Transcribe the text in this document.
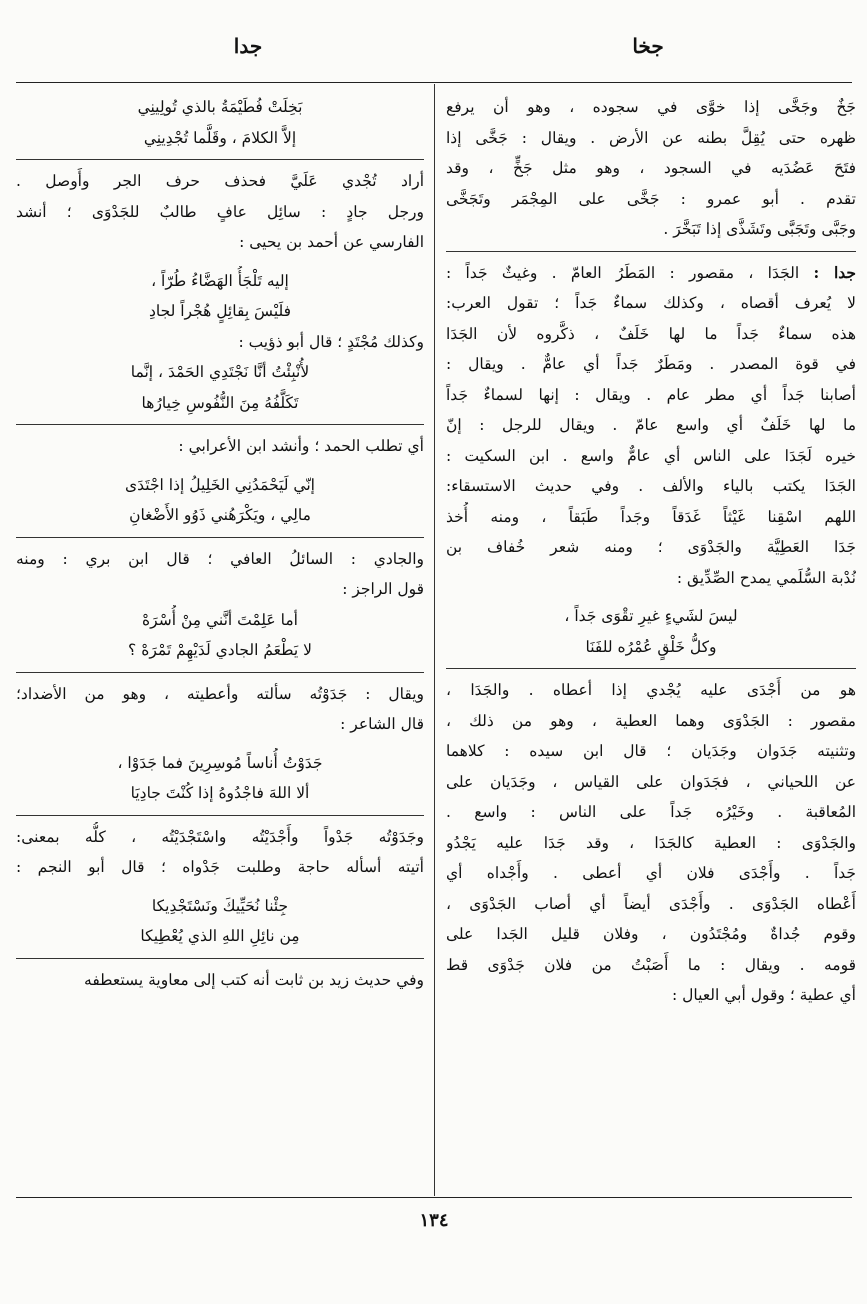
جخا
جدا
جَخٌ وجَخَّى إذا خوَّى في سجوده ، وهو أن يرفع
ظهره حتى يُقِلَّ بطنه عن الأرض . ويقال : جَخَّى إذا
فتَحَ عَضُدَيه في السجود ، وهو مثل جَخٍّ ، وقد
تقدم . أبو عمرو : جَخَّى على المِجْمَر وتَجَخَّى
وجَبَّى وتَجَبَّى وتَشَذَّى إذا تَبَخَّرَ .
جدا : الجَدَا ، مقصور : المَطَرُ العامّ . وغيثٌ جَداً :
لا يُعرف أقصاه ، وكذلك سماءٌ جَداً ؛ تقول العرب:
هذه سماءٌ جَداً ما لها خَلَفٌ ، ذكَّروه لأن الجَدَا
في قوة المصدر . ومَطَرٌ جَداً أي عامٌّ . ويقال :
أصابنا جَداً أي مطر عام . ويقال : إنها لسماءٌ جَداً
ما لها خَلَفٌ أي واسع عامّ . ويقال للرجل : إنّ
خيره لَجَدَا على الناس أي عامٌّ واسع . ابن السكيت :
الجَدَا يكتب بالياء والألف . وفي حديث الاستسقاء:
اللهم اسْقِنا غَيْثاً غَدَقاً وجَداً طَبَقاً ، ومنه أُخذ
جَدَا العَطِيَّة والجَدْوَى ؛ ومنه شعر خُفاف بن
نُدْبة السُّلَمي يمدح الصِّدِّيق :
ليسَ لشَيءٍ غيرِ تقْوَى جَداً ،
وكلُّ خَلْقٍ عُمْرُه للفَنَا
هو من أَجْدَى عليه يُجْدي إذا أعطاه . والجَدَا ،
مقصور : الجَدْوَى وهما العطية ، وهو من ذلك ،
وتثنيته جَدَوان وجَدَيان ؛ قال ابن سيده : كلاهما
عن اللحياني ، فجَدَوان على القياس ، وجَدَيان على
المُعاقبة . وخَيْرُه جَداً على الناس : واسع .
والجَدْوَى : العطية كالجَدَا ، وقد جَدَا عليه يَجْدُو
جَداً . وأَجْدَى فلان أي أعطى . وأَجْداه أي
أَعْطاه الجَدْوَى . وأَجْدَى أيضاً أي أصاب الجَدْوَى ،
وقوم جُداةٌ ومُجْتَدُون ، وفلان قليل الجَدا على
قومه . ويقال : ما أَصَبْتُ من فلان جَدْوَى قط
أي عطية ؛ وقول أبي العيال :
بَخِلَتْ فُطَيْمَةُ بالذي تُولِينِي
إلاَّ الكلامَ ، وقَلَّما تُجْدِينِي
أراد تُجْدي عَلَيَّ فحذف حرف الجر وأَوصل .
ورجل جادٍ : سائِل عافٍ طالبٌ للجَدْوَى ؛ أنشد
الفارسي عن أحمد بن يحيى :
إليه تَلْجَأُ الهَضَّاءُ طُرّاً ،
فلَيْسَ بِقائِلٍ هُجْراً لجادِ
وكذلك مُجْتَدٍ ؛ قال أبو ذؤيب :
لأُنْبِئْتُ أنَّا نَجْتَدِي الحَمْدَ ، إنَّما
تَكَلَّفُهُ مِنَ النُّفُوسِ خِيارُها
أي تطلب الحمد ؛ وأنشد ابن الأعرابي :
إنّي لَيَحْمَدُنِي الخَلِيلُ إذا اجْتَدَى
مالِي ، ويَكْرَهُني ذَوُو الأَضْغانِ
والجادي : السائلُ العافي ؛ قال ابن بري : ومنه
قول الراجز :
أما عَلِمْتَ أنَّني مِنْ أُسْرَهْ
لا يَطْعَمُ الجادي لَدَيْهِمْ تَمْرَهْ ؟
ويقال : جَدَوْتُه سألته وأعطيته ، وهو من الأضداد؛
قال الشاعر :
جَدَوْتُ أُناساً مُوسِرِينَ فما جَدَوْا ،
ألا اللهَ فاجْدُوهُ إذا كُنْتَ جادِيَا
وجَدَوْتُه جَدْواً وأَجْدَيْتُه واسْتَجْدَيْتُه ، كلُّه بمعنى:
أتيته أسأله حاجة وطلبت جَدْواه ؛ قال أبو النجم :
جِئْنا نُحَيِّيكَ ونَسْتَجْدِيكا
مِن نائِلِ اللهِ الذي يُعْطِيكا
وفي حديث زيد بن ثابت أنه كتب إلى معاوية يستعطفه
١٣٤
